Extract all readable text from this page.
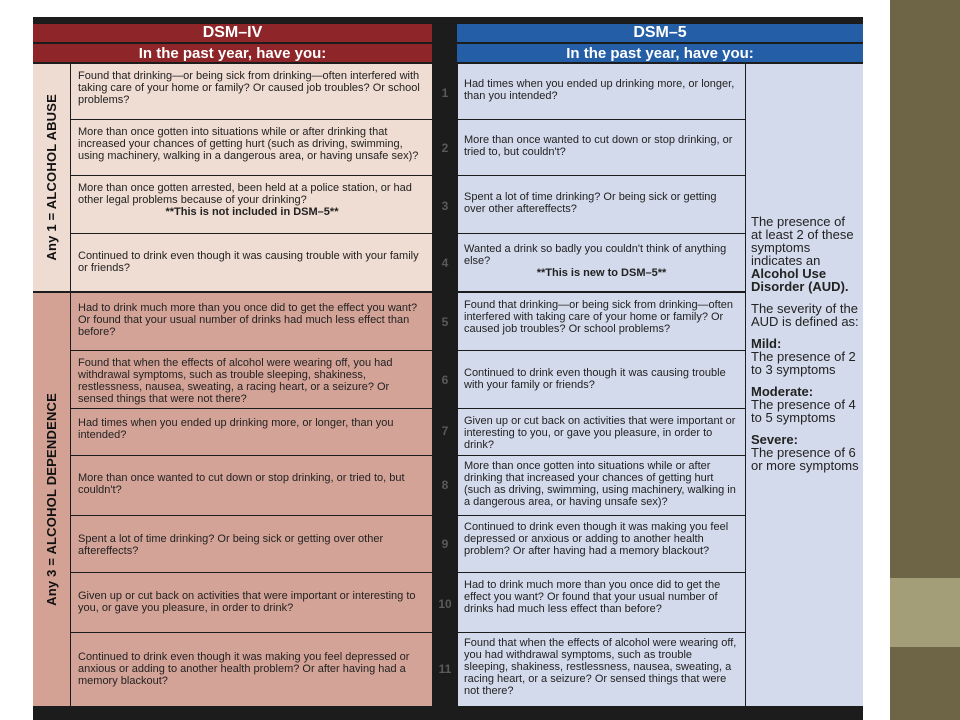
DSM–IV
In the past year, have you:
DSM–5
In the past year, have you:
Any 1 = ALCOHOL ABUSE
Any 3 = ALCOHOL DEPENDENCE
Found that drinking—or being sick from drinking—often interfered with taking care of your home or family? Or caused job troubles? Or school problems?
More than once gotten into situations while or after drinking that increased your chances of getting hurt (such as driving, swimming, using machinery, walking in a dangerous area, or having unsafe sex)?
More than once gotten arrested, been held at a police station, or had other legal problems because of your drinking?
**This is not included in DSM–5**
Continued to drink even though it was causing trouble with your family or friends?
Had to drink much more than you once did to get the effect you want? Or found that your usual number of drinks had much less effect than before?
Found that when the effects of alcohol were wearing off, you had withdrawal symptoms, such as trouble sleeping, shakiness, restlessness, nausea, sweating, a racing heart, or a seizure? Or sensed things that were not there?
Had times when you ended up drinking more, or longer, than you intended?
More than once wanted to cut down or stop drinking, or tried to, but couldn't?
Spent a lot of time drinking? Or being sick or getting over other aftereffects?
Given up or cut back on activities that were important or interesting to you, or gave you pleasure, in order to drink?
Continued to drink even though it was making you feel depressed or anxious or adding to another health problem? Or after having had a memory blackout?
1
2
3
4
5
6
7
8
9
10
11
Had times when you ended up drinking more, or longer, than you intended?
More than once wanted to cut down or stop drinking, or tried to, but couldn't?
Spent a lot of time drinking? Or being sick or getting over other aftereffects?
Wanted a drink so badly you couldn't think of anything else?
**This is new to DSM–5**
Found that drinking—or being sick from drinking—often interfered with taking care of your home or family? Or caused job troubles? Or school problems?
Continued to drink even though it was causing trouble with your family or friends?
Given up or cut back on activities that were important or interesting to you, or gave you pleasure, in order to drink?
More than once gotten into situations while or after drinking that increased your chances of getting hurt (such as driving, swimming, using machinery, walking in a dangerous area, or having unsafe sex)?
Continued to drink even though it was making you feel depressed or anxious or adding to another health problem? Or after having had a memory blackout?
Had to drink much more than you once did to get the effect you want? Or found that your usual number of drinks had much less effect than before?
Found that when the effects of alcohol were wearing off, you had withdrawal symptoms, such as trouble sleeping, shakiness, restlessness, nausea, sweating, a racing heart, or a seizure? Or sensed things that were not there?

The presence of at least 2 of these symptoms indicates an Alcohol Use Disorder (AUD).

The severity of the AUD is defined as:

Mild:
The presence of 2 to 3 symptoms

Moderate:
The presence of 4 to 5 symptoms

Severe:
The presence of 6 or more symptoms
